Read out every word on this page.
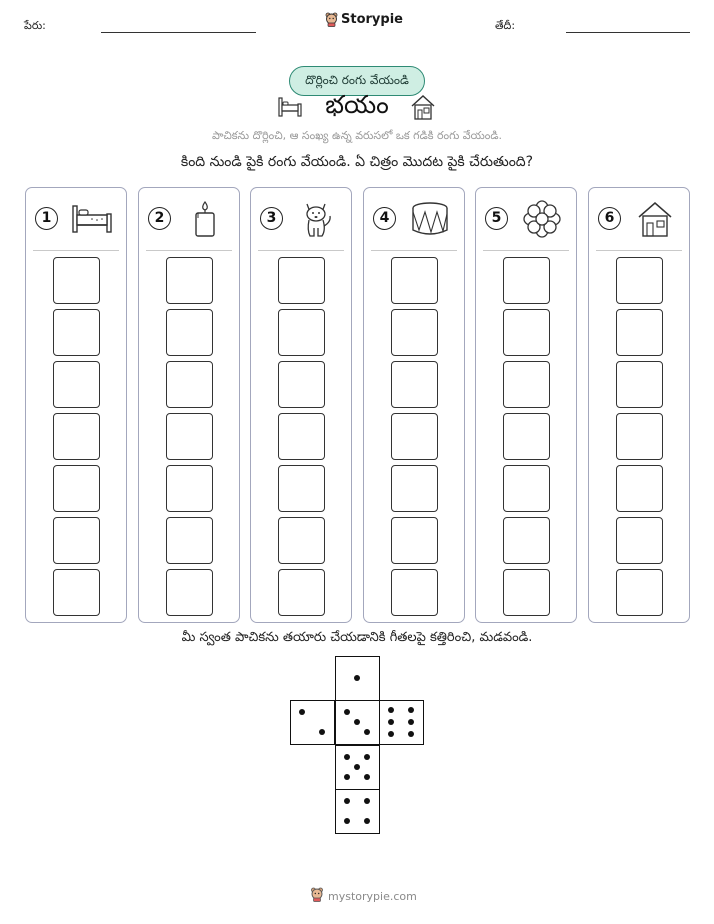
పేరు:	Storypie	తేదీ:
దొర్లించి రంగు వేయండి
భయం
పాచికను దొర్లించి, ఆ సంఖ్య ఉన్న వరుసలో ఒక గడికి రంగు వేయండి.
కింది నుండి పైకి రంగు వేయండి. ఏ చిత్రం మొదట పైకి చేరుతుంది?
1	2	3	4	5	6
మీ స్వంత పాచికను తయారు చేయడానికి గీతలపై కత్తిరించి, మడవండి.
mystorypie.com
